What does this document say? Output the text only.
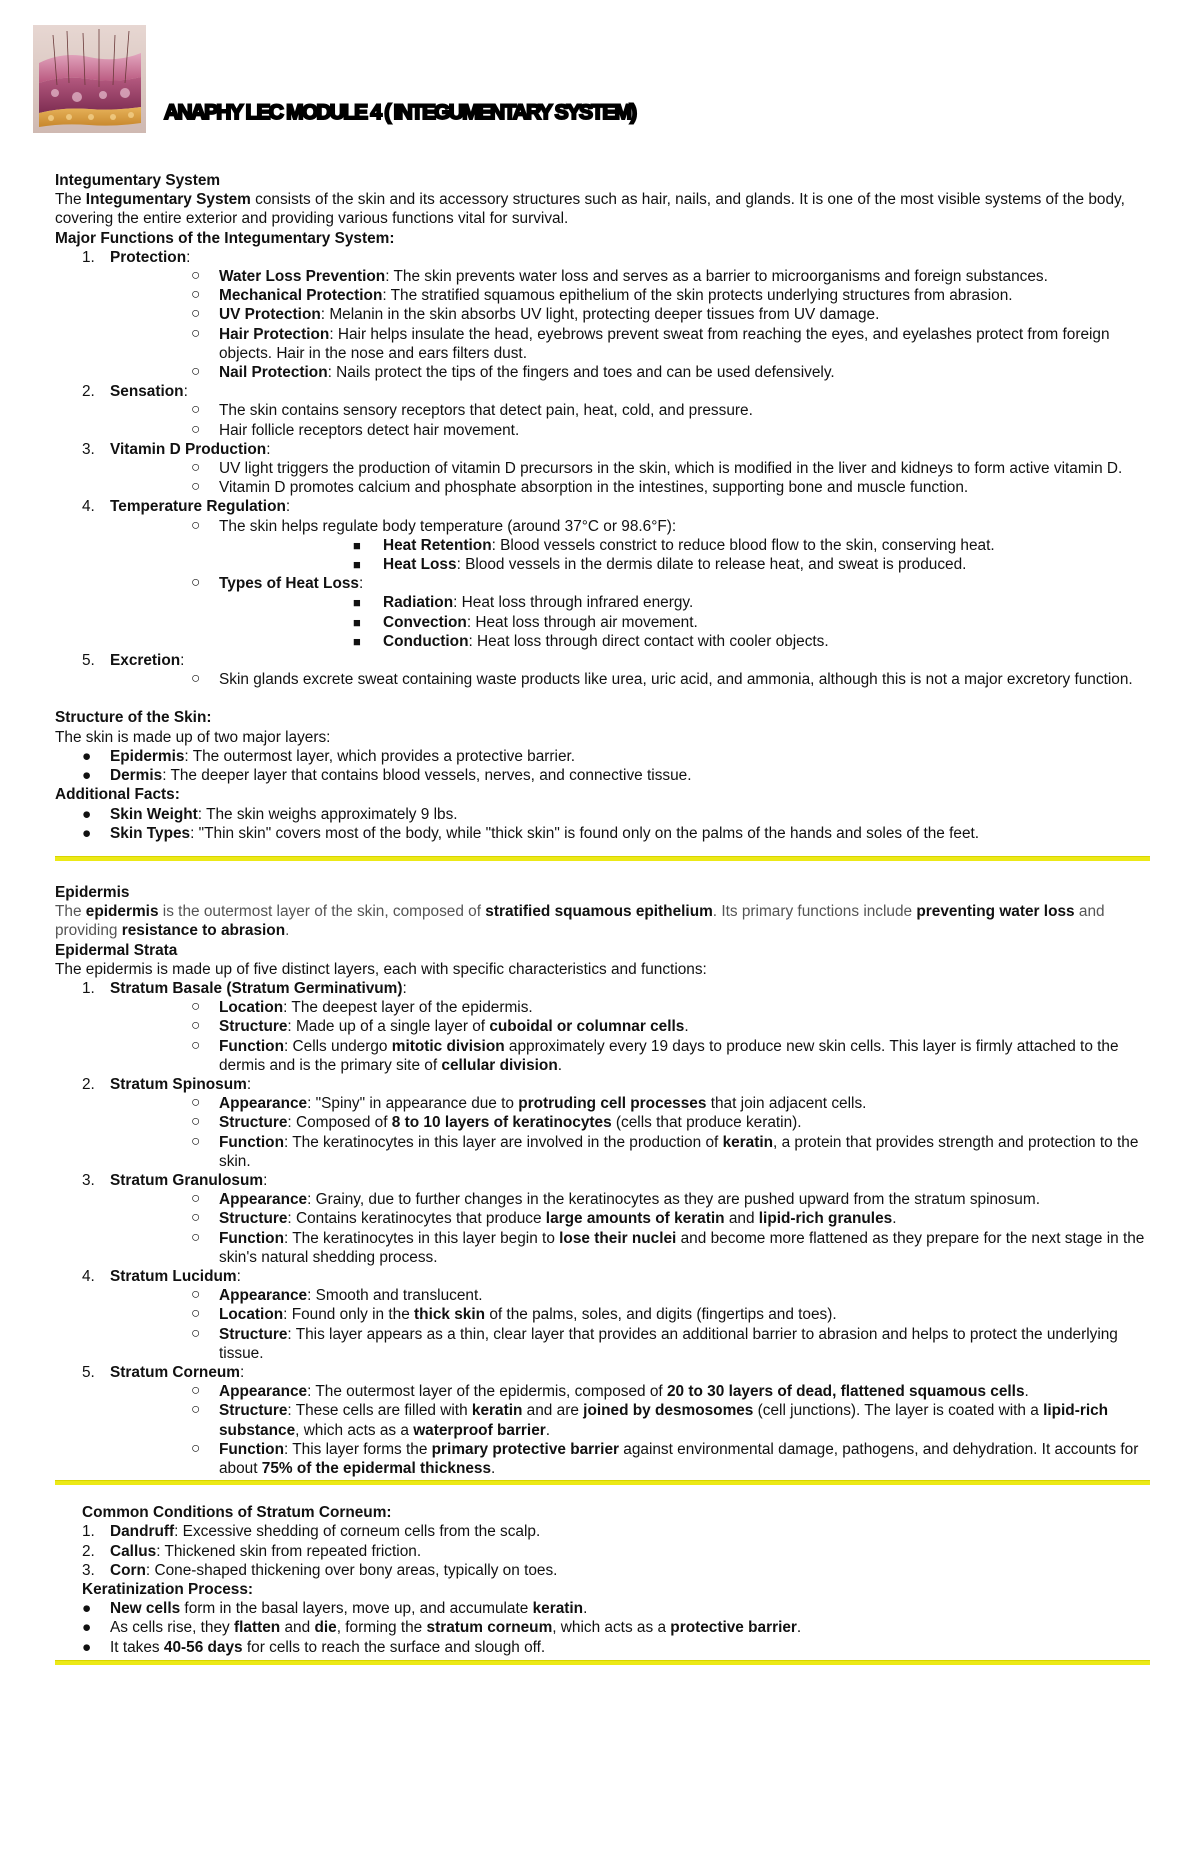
ANAPHY LEC MODULE 4 ( INTEGUMENTARY SYSTEM)

Integumentary System

The Integumentary System consists of the skin and its accessory structures such as hair, nails, and glands. It is one of the most visible systems of the body, covering the entire exterior and providing various functions vital for survival.

Major Functions of the Integumentary System:

1. Protection:
○ Water Loss Prevention: The skin prevents water loss and serves as a barrier to microorganisms and foreign substances.
○ Mechanical Protection: The stratified squamous epithelium of the skin protects underlying structures from abrasion.
○ UV Protection: Melanin in the skin absorbs UV light, protecting deeper tissues from UV damage.
○ Hair Protection: Hair helps insulate the head, eyebrows prevent sweat from reaching the eyes, and eyelashes protect from foreign objects. Hair in the nose and ears filters dust.
○ Nail Protection: Nails protect the tips of the fingers and toes and can be used defensively.
2. Sensation:
○ The skin contains sensory receptors that detect pain, heat, cold, and pressure.
○ Hair follicle receptors detect hair movement.
3. Vitamin D Production:
○ UV light triggers the production of vitamin D precursors in the skin, which is modified in the liver and kidneys to form active vitamin D.
○ Vitamin D promotes calcium and phosphate absorption in the intestines, supporting bone and muscle function.
4. Temperature Regulation:
○ The skin helps regulate body temperature (around 37°C or 98.6°F):
■ Heat Retention: Blood vessels constrict to reduce blood flow to the skin, conserving heat.
■ Heat Loss: Blood vessels in the dermis dilate to release heat, and sweat is produced.
○ Types of Heat Loss:
■ Radiation: Heat loss through infrared energy.
■ Convection: Heat loss through air movement.
■ Conduction: Heat loss through direct contact with cooler objects.
5. Excretion:
○ Skin glands excrete sweat containing waste products like urea, uric acid, and ammonia, although this is not a major excretory function.

Structure of the Skin:

The skin is made up of two major layers:

● Epidermis: The outermost layer, which provides a protective barrier.
● Dermis: The deeper layer that contains blood vessels, nerves, and connective tissue.

Additional Facts:

● Skin Weight: The skin weighs approximately 9 lbs.
● Skin Types: "Thin skin" covers most of the body, while "thick skin" is found only on the palms of the hands and soles of the feet.

Epidermis

The epidermis is the outermost layer of the skin, composed of stratified squamous epithelium. Its primary functions include preventing water loss and providing resistance to abrasion.

Epidermal Strata

The epidermis is made up of five distinct layers, each with specific characteristics and functions:

1. Stratum Basale (Stratum Germinativum):
○ Location: The deepest layer of the epidermis.
○ Structure: Made up of a single layer of cuboidal or columnar cells.
○ Function: Cells undergo mitotic division approximately every 19 days to produce new skin cells. This layer is firmly attached to the dermis and is the primary site of cellular division.
2. Stratum Spinosum:
○ Appearance: "Spiny" in appearance due to protruding cell processes that join adjacent cells.
○ Structure: Composed of 8 to 10 layers of keratinocytes (cells that produce keratin).
○ Function: The keratinocytes in this layer are involved in the production of keratin, a protein that provides strength and protection to the skin.
3. Stratum Granulosum:
○ Appearance: Grainy, due to further changes in the keratinocytes as they are pushed upward from the stratum spinosum.
○ Structure: Contains keratinocytes that produce large amounts of keratin and lipid-rich granules.
○ Function: The keratinocytes in this layer begin to lose their nuclei and become more flattened as they prepare for the next stage in the skin's natural shedding process.
4. Stratum Lucidum:
○ Appearance: Smooth and translucent.
○ Location: Found only in the thick skin of the palms, soles, and digits (fingertips and toes).
○ Structure: This layer appears as a thin, clear layer that provides an additional barrier to abrasion and helps to protect the underlying tissue.
5. Stratum Corneum:
○ Appearance: The outermost layer of the epidermis, composed of 20 to 30 layers of dead, flattened squamous cells.
○ Structure: These cells are filled with keratin and are joined by desmosomes (cell junctions). The layer is coated with a lipid-rich substance, which acts as a waterproof barrier.
○ Function: This layer forms the primary protective barrier against environmental damage, pathogens, and dehydration. It accounts for about 75% of the epidermal thickness.

Common Conditions of Stratum Corneum:

1. Dandruff: Excessive shedding of corneum cells from the scalp.
2. Callus: Thickened skin from repeated friction.
3. Corn: Cone-shaped thickening over bony areas, typically on toes.

Keratinization Process:

● New cells form in the basal layers, move up, and accumulate keratin.
● As cells rise, they flatten and die, forming the stratum corneum, which acts as a protective barrier.
● It takes 40-56 days for cells to reach the surface and slough off.
